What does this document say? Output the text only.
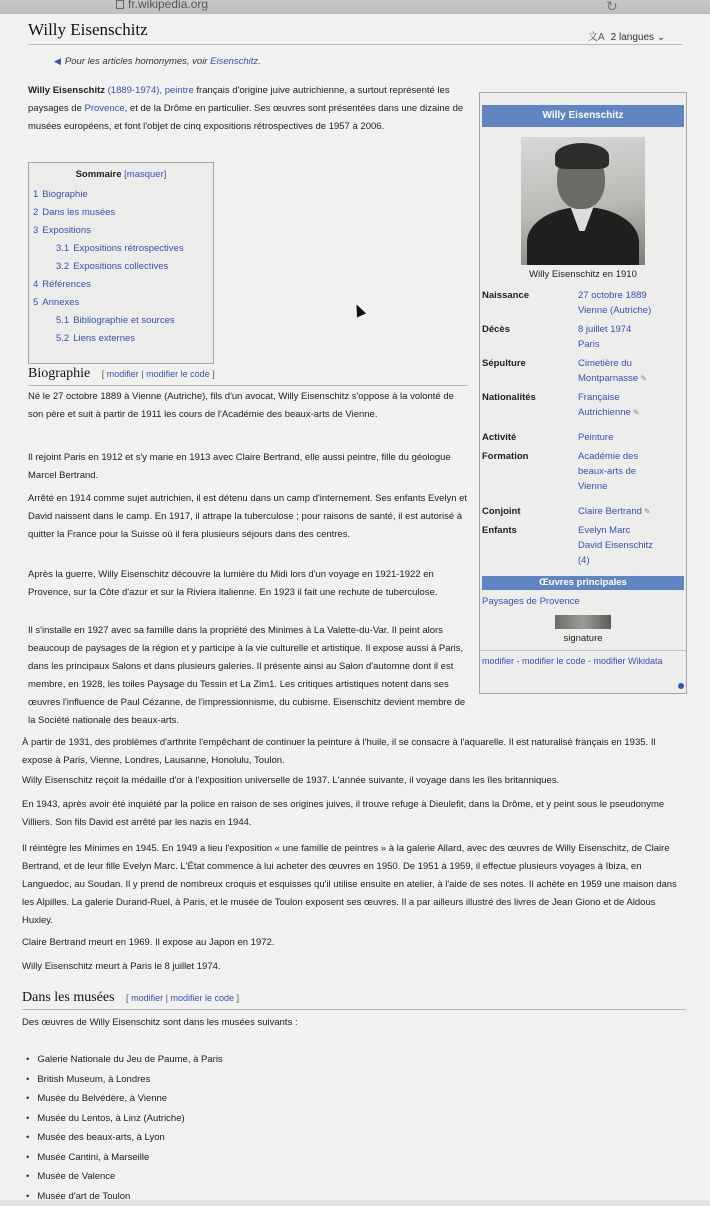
fr.wikipedia.org	↻
Willy Eisenschitz	文A 2 langues ⌄
◀ Pour les articles homonymes, voir Eisenschitz.
Willy Eisenschitz (1889-1974), peintre français d'origine juive autrichienne, a surtout représenté les paysages de Provence, et de la Drôme en particulier. Ses œuvres sont présentées dans une dizaine de musées européens, et font l'objet de cinq expositions rétrospectives de 1957 à 2006.
Sommaire [masquer]
1 Biographie
2 Dans les musées
3 Expositions
3.1 Expositions rétrospectives
3.2 Expositions collectives
4 Références
5 Annexes
5.1 Bibliographie et sources
5.2 Liens externes
Biographie [ modifier | modifier le code ]
Né le 27 octobre 1889 à Vienne (Autriche), fils d'un avocat, Willy Eisenschitz s'oppose à la volonté de son père et suit à partir de 1911 les cours de l'Académie des beaux-arts de Vienne.
Il rejoint Paris en 1912 et s'y marie en 1913 avec Claire Bertrand, elle aussi peintre, fille du géologue Marcel Bertrand.
Arrêté en 1914 comme sujet autrichien, il est détenu dans un camp d'internement. Ses enfants Evelyn et David naissent dans le camp. En 1917, il attrape la tuberculose ; pour raisons de santé, il est autorisé à quitter la France pour la Suisse où il fera plusieurs séjours dans des centres.
Après la guerre, Willy Eisenschitz découvre la lumière du Midi lors d'un voyage en 1921-1922 en Provence, sur la Côte d'azur et sur la Riviera italienne. En 1923 il fait une rechute de tuberculose.
Il s'installe en 1927 avec sa famille dans la propriété des Minimes à La Valette-du-Var. Il peint alors beaucoup de paysages de la région et y participe à la vie culturelle et artistique. Il expose aussi à Paris, dans les principaux Salons et dans plusieurs galeries. Il présente ainsi au Salon d'automne dont il est membre, en 1928, les toiles Paysage du Tessin et La Zim1. Les critiques artistiques notent dans ses œuvres l'influence de Paul Cézanne, de l'impressionnisme, du cubisme. Eisenschitz devient membre de la Société nationale des beaux-arts.
À partir de 1931, des problèmes d'arthrite l'empêchant de continuer la peinture à l'huile, il se consacre à l'aquarelle. Il est naturalisé français en 1935. Il expose à Paris, Vienne, Londres, Lausanne, Honolulu, Toulon.
Willy Eisenschitz reçoit la médaille d'or à l'exposition universelle de 1937. L'année suivante, il voyage dans les îles britanniques.
En 1943, après avoir été inquiété par la police en raison de ses origines juives, il trouve refuge à Dieulefit, dans la Drôme, et y peint sous le pseudonyme Villiers. Son fils David est arrêté par les nazis en 1944.
Il réintègre les Minimes en 1945. En 1949 a lieu l'exposition « une famille de peintres » à la galerie Allard, avec des œuvres de Willy Eisenschitz, de Claire Bertrand, et de leur fille Evelyn Marc. L'État commence à lui acheter des œuvres en 1950. De 1951 à 1959, il effectue plusieurs voyages à Ibiza, en Languedoc, au Soudan. Il y prend de nombreux croquis et esquisses qu'il utilise ensuite en atelier, à l'aide de ses notes. Il achète en 1959 une maison dans les Alpilles. La galerie Durand-Ruel, à Paris, et le musée de Toulon exposent ses œuvres. Il a par ailleurs illustré des livres de Jean Giono et de Aldous Huxley.
Claire Bertrand meurt en 1969. Il expose au Japon en 1972.
Willy Eisenschitz meurt à Paris le 8 juillet 1974.
Dans les musées [ modifier | modifier le code ]
Des œuvres de Willy Eisenschitz sont dans les musées suivants :
• Galerie Nationale du Jeu de Paume, à Paris
• British Museum, à Londres
• Musée du Belvédère, à Vienne
• Musée du Lentos, à Linz (Autriche)
• Musée des beaux-arts, à Lyon
• Musée Cantini, à Marseille
• Musée de Valence
• Musée d'art de Toulon
Willy Eisenschitz
Willy Eisenschitz en 1910
Naissance	27 octobre 1889
Vienne (Autriche)
Décès	8 juillet 1974
Paris
Sépulture	Cimetière du
Montparnasse ✎
Nationalités	Française
Autrichienne ✎
Activité	Peinture
Formation	Académie des
beaux-arts de
Vienne
Conjoint	Claire Bertrand ✎
Enfants	Evelyn Marc
David Eisenschitz
(4)
Œuvres principales
Paysages de Provence
signature
modifier - modifier le code - modifier Wikidata
